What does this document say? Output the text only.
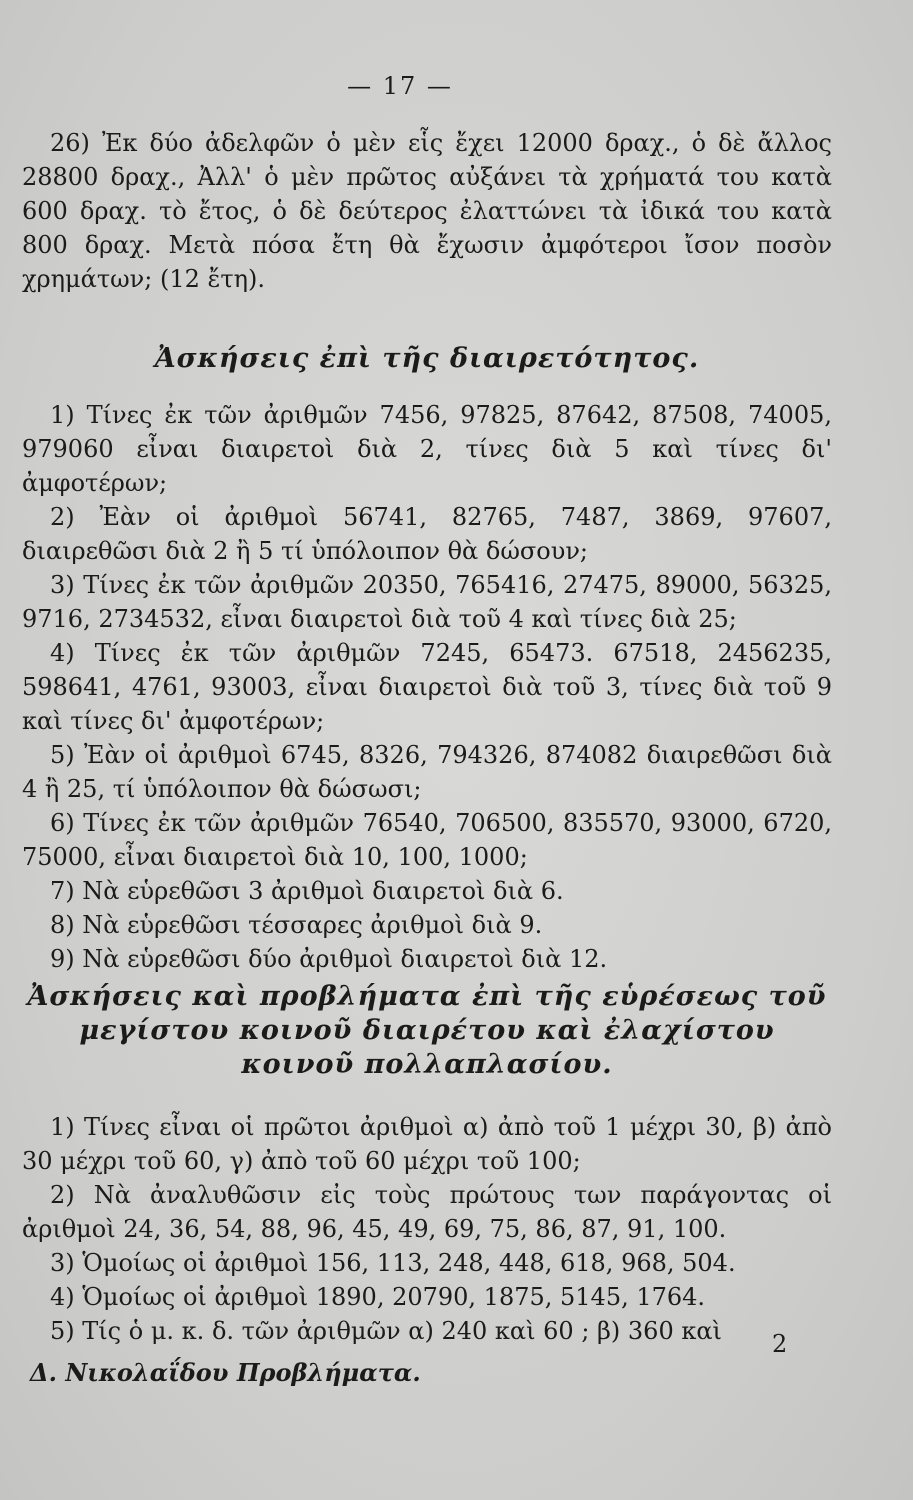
— 17 —

26) Ἐκ δύο ἀδελφῶν ὁ μὲν εἷς ἔχει 12000 δραχ., ὁ δὲ ἄλλος 28800 δραχ., Ἀλλ' ὁ μὲν πρῶτος αὐξάνει τὰ χρήματά του κατὰ 600 δραχ. τὸ ἔτος, ὁ δὲ δεύτερος ἐλαττώνει τὰ ἰδικά του κατὰ 800 δραχ. Μετὰ πόσα ἔτη θὰ ἔχωσιν ἀμφότεροι ἴσον ποσὸν χρημάτων; (12 ἔτη).

Ἀσκήσεις ἐπὶ τῆς διαιρετότητος.

1) Τίνες ἐκ τῶν ἀριθμῶν 7456, 97825, 87642, 87508, 74005, 979060 εἶναι διαιρετοὶ διὰ 2, τίνες διὰ 5 καὶ τίνες δι' ἀμφοτέρων;

2) Ἐὰν οἱ ἀριθμοὶ 56741, 82765, 7487, 3869, 97607, διαιρεθῶσι διὰ 2 ἢ 5 τί ὑπόλοιπον θὰ δώσουν;

3) Τίνες ἐκ τῶν ἀριθμῶν 20350, 765416, 27475, 89000, 56325, 9716, 2734532, εἶναι διαιρετοὶ διὰ τοῦ 4 καὶ τίνες διὰ 25;

4) Τίνες ἐκ τῶν ἀριθμῶν 7245, 65473. 67518, 2456235, 598641, 4761, 93003, εἶναι διαιρετοὶ διὰ τοῦ 3, τίνες διὰ τοῦ 9 καὶ τίνες δι' ἀμφοτέρων;

5) Ἐὰν οἱ ἀριθμοὶ 6745, 8326, 794326, 874082 διαιρεθῶσι διὰ 4 ἢ 25, τί ὑπόλοιπον θὰ δώσωσι;

6) Τίνες ἐκ τῶν ἀριθμῶν 76540, 706500, 835570, 93000, 6720, 75000, εἶναι διαιρετοὶ διὰ 10, 100, 1000;

7) Νὰ εὑρεθῶσι 3 ἀριθμοὶ διαιρετοὶ διὰ 6.

8) Νὰ εὑρεθῶσι τέσσαρες ἀριθμοὶ διὰ 9.

9) Νὰ εὑρεθῶσι δύο ἀριθμοὶ διαιρετοὶ διὰ 12.

Ἀσκήσεις καὶ προβλήματα ἐπὶ τῆς εὑρέσεως τοῦ
μεγίστου κοινοῦ διαιρέτου καὶ ἐλαχίστου
κοινοῦ πολλαπλασίου.

1) Τίνες εἶναι οἱ πρῶτοι ἀριθμοὶ α) ἀπὸ τοῦ 1 μέχρι 30, β) ἀπὸ 30 μέχρι τοῦ 60, γ) ἀπὸ τοῦ 60 μέχρι τοῦ 100;

2) Νὰ ἀναλυθῶσιν εἰς τοὺς πρώτους των παράγοντας οἱ ἀριθμοὶ 24, 36, 54, 88, 96, 45, 49, 69, 75, 86, 87, 91, 100.

3) Ὁμοίως οἱ ἀριθμοὶ 156, 113, 248, 448, 618, 968, 504.

4) Ὁμοίως οἱ ἀριθμοὶ 1890, 20790, 1875, 5145, 1764.

5) Τίς ὁ μ. κ. δ. τῶν ἀριθμῶν α) 240 καὶ 60 ; β) 360 καὶ

Δ. Νικολαΐδου Προβλήματα.
2
